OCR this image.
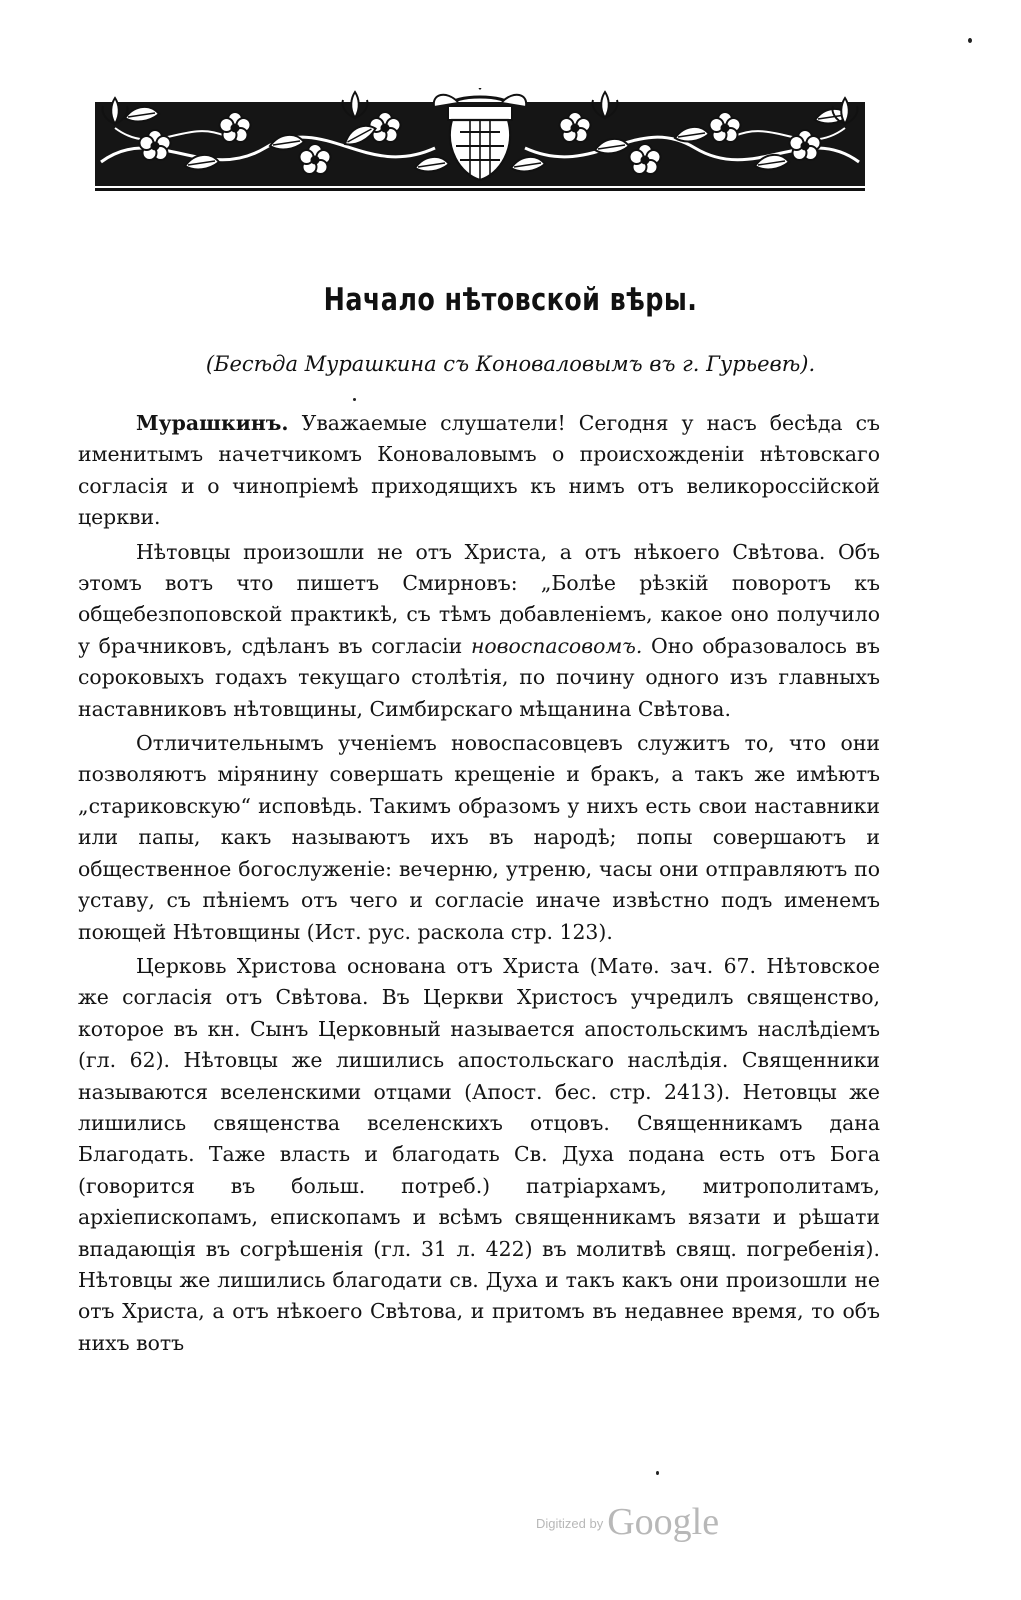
Начало нѣтовской вѣры.
(Бесѣда Мурашкина съ Коноваловымъ въ г. Гурьевѣ).

Мурашкинъ. Уважаемые слушатели! Сегодня у насъ бесѣда съ именитымъ начетчикомъ Коноваловымъ о происхожденіи нѣтовскаго согласія и о чинопріемѣ приходящихъ къ нимъ отъ великороссійской церкви.

Нѣтовцы произошли не отъ Христа, а отъ нѣкоего Свѣтова. Объ этомъ вотъ что пишетъ Смирновъ: „Болѣе рѣзкій поворотъ къ общебезпоповской практикѣ, съ тѣмъ добавленіемъ, какое оно получило у брачниковъ, сдѣланъ въ согласіи новоспасовомъ. Оно образовалось въ сороковыхъ годахъ текущаго столѣтія, по почину одного изъ главныхъ наставниковъ нѣтовщины, Симбирскаго мѣщанина Свѣтова.

Отличительнымъ ученіемъ новоспасовцевъ служитъ то, что они позволяютъ мірянину совершать крещеніе и бракъ, а такъ же имѣютъ „стариковскую“ исповѣдь. Такимъ образомъ у нихъ есть свои наставники или папы, какъ называютъ ихъ въ народѣ; попы совершаютъ и общественное богослуженіе: вечерню, утреню, часы они отправляютъ по уставу, съ пѣніемъ отъ чего и согласіе иначе извѣстно подъ именемъ поющей Нѣтовщины (Ист. рус. раскола стр. 123).

Церковь Христова основана отъ Христа (Матѳ. зач. 67. Нѣтовское же согласія отъ Свѣтова. Въ Церкви Христосъ учредилъ священство, которое въ кн. Сынъ Церковный называется апостольскимъ наслѣдіемъ (гл. 62). Нѣтовцы же лишились апостольскаго наслѣдія. Священники называются вселенскими отцами (Апост. бес. стр. 2413). Нетовцы же лишились священства вселенскихъ отцовъ. Священникамъ дана Благодать. Таже власть и благодать Св. Духа подана есть отъ Бога (говорится въ больш. потреб.) патріархамъ, митрополитамъ, архіепископамъ, епископамъ и всѣмъ священникамъ вязати и рѣшати впадающія въ согрѣшенія (гл. 31 л. 422) въ молитвѣ свящ. погребенія). Нѣтовцы же лишились благодати св. Духа и такъ какъ они произошли не отъ Христа, а отъ нѣкоего Свѣтова, и притомъ въ недавнее время, то объ нихъ вотъ

$^{Digitized by}$ Google
